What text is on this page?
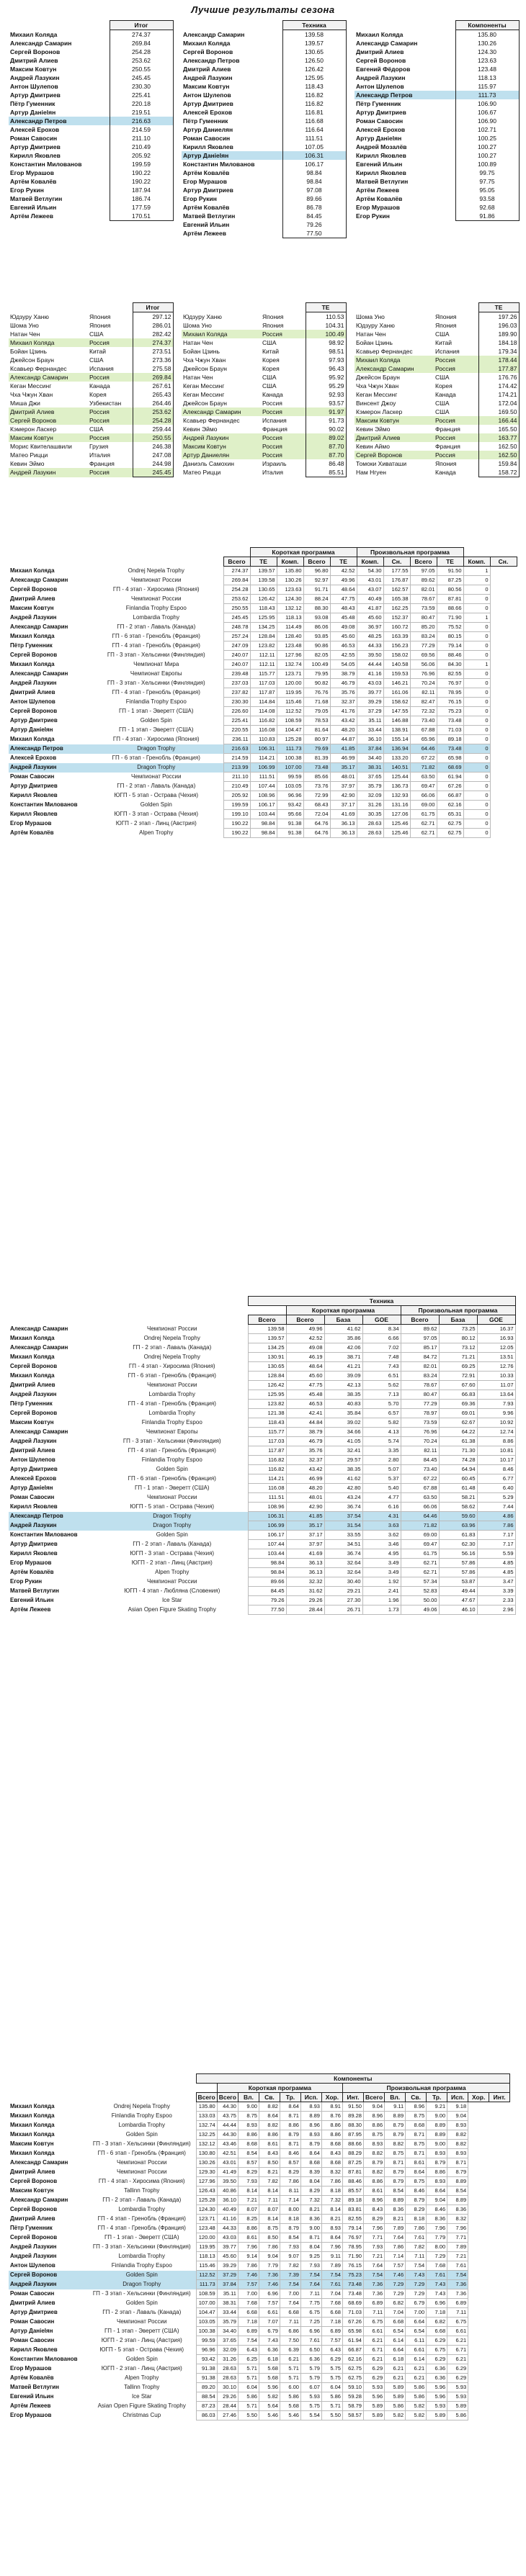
Лучшие результаты сезона
	Итог
Михаил Коляда	274.37
Александр Самарин	269.84
Сергей Воронов	254.28
Дмитрий Алиев	253.62
Максим Ковтун	250.55
Андрей Лазукин	245.45
Антон Шулепов	230.30
Артур Дмитриев	225.41
Пётр Гуменник	220.18
Артур Данielян	219.51
Александр Петров	216.63
Алексей Ерохов	214.59
Роман Савосин	211.10
Артур Дмитриев	210.49
Кирилл Яковлев	205.92
Константин Миловaнов	199.59
Егор Мурашов	190.22
Артём Ковалёв	190.22
Егор Рукин	187.94
Матвей Ветлугин	186.74
Евгений Ильин	177.59
Артём Лежеев	170.51
	Техника
Александр Самарин	139.58
Михаил Коляда	139.57
Сергей Воронов	130.65
Александр Петров	126.50
Дмитрий Алиев	126.42
Андрей Лазукин	125.95
Максим Ковтун	118.43
Антон Шулепов	116.82
Артур Дмитриев	116.82
Алексей Ерохов	116.81
Пётр Гуменник	116.68
Артур Даниелян	116.64
Роман Савосин	111.51
Кирилл Яковлев	107.05
Артур Данielян	106.31
Константин Миловaнов	106.17
Артём Ковалёв	98.84
Егор Мурашов	98.84
Артур Дмитриев	97.08
Егор Рукин	89.66
Артём Ковалёв	86.78
Матвей Ветлугин	84.45
Евгений Ильин	79.26
Артём Лежеев	77.50
	Компоненты
Михаил Коляда	135.80
Александр Самарин	130.26
Дмитрий Алиев	124.30
Сергей Воронов	123.63
Евгений Фёдоров	123.48
Андрей Лазукин	118.13
Антон Шулепов	115.97
Александр Петров	111.73
Пётр Гуменник	106.90
Артур Дмитриев	106.67
Роман Савосин	106.90
Алексей Ерохов	102.71
Артур Данielян	100.25
Андрей Мозалёв	100.27
Кирилл Яковлев	100.27
Евгений Ильин	100.89
Кирилл Яковлев	99.75
Матвей Ветлугин	97.75
Артём Лежеев	95.05
Артём Ковалёв	93.58
Егор Мурашов	92.68
Егор Рукин	91.86
		Итог
Юдзуру Ханю	Япония	297.12
Шома Уно	Япония	286.01
Натан Чен	США	282.42
Михаил Коляда	Россия	274.37
Бойан Цзинь	Китай	273.51
Джейсон Браун	США	273.36
Ксавьер Фернандес	Испания	275.58
Александр Самарин	Россия	269.84
Кеган Мессинг	Канада	267.61
Чха Чжун Хван	Корея	265.43
Миша Джи	Узбекистан	264.46
Дмитрий Алиев	Россия	253.62
Сергей Воронов	Россия	254.28
Кэмерон Ласкер	США	259.44
Максим Ковтун	Россия	250.55
Морис Квителашвили	Грузия	246.38
Матео Рицци	Италия	247.08
Кевин Эймо	Франция	244.98
Андрей Лазукин	Россия	245.45
		ТЕ
Юдзуру Ханю	Япония	110.53
Шома Уно	Япония	104.31
Михаил Коляда	Россия	100.49
Натан Чен	США	98.92
Бойан Цзинь	Китай	98.51
Чха Чжун Хван	Корея	97.93
Джейсон Браун	Корея	96.43
Натан Чен	США	95.92
Кеган Мессинг	США	95.29
Кеган Мессинг	Канада	92.93
Джейсон Браун	Россия	93.57
Александр Самарин	Россия	91.97
Ксавьер Фернандес	Испания	91.73
Кевин Эймо	Франция	90.02
Андрей Лазукин	Россия	89.02
Максим Ковтун	Россия	87.70
Артур Даниелян	Россия	87.70
Даниэль Самохин	Израиль	86.48
Матео Рицци	Италия	85.51
		ТЕ
Шома Уно	Япония	197.26
Юдзуру Ханю	Япония	196.03
Натан Чен	США	189.90
Бойан Цзинь	Китай	184.18
Ксавьер Фернандес	Испания	179.34
Михаил Коляда	Россия	178.44
Александр Самарин	Россия	177.87
Джейсон Браун	США	176.76
Чха Чжун Хван	Корея	174.42
Кеган Мессинг	Канада	174.21
Винсент Джоу	США	172.04
Кэмерон Ласкер	США	169.50
Максим Ковтун	Россия	166.44
Кевин Эймо	Франция	165.50
Дмитрий Алиев	Россия	163.77
Кевин Аймо	Франция	162.50
Сергей Воронов	Россия	162.50
Томоки Хиваташи	Япония	159.84
Нам Нгуен	Канада	158.72
			Короткая программа				Произвольная программа					
		Всего	ТЕ	Комп.	Всего	ТЕ	Комп.	Сн.	Всего	ТЕ	Комп.	Сн.
Михаил Коляда	Ondrej Nepela Trophy	274.37	139.57	135.80	96.80	42.52	54.30	177.55	97.05	91.50	1	
Александр Самарин	Чемпионат России	269.84	139.58	130.26	92.97	49.96	43.01	176.87	89.62	87.25	0	
Сергей Воронов	ГП - 4 этап - Хиросима (Япония)	254.28	130.65	123.63	91.71	48.64	43.07	162.57	82.01	80.56	0	
Дмитрий Алиев	Чемпионат России	253.62	126.42	124.30	88.24	47.75	40.49	165.38	78.67	87.81	0	
Максим Ковтун	Finlandia Trophy Espoo	250.55	118.43	132.12	88.30	48.43	41.87	162.25	73.59	88.66	0	
Андрей Лазукин	Lombardia Trophy	245.45	125.95	118.13	93.08	45.48	45.60	152.37	80.47	71.90	1	
Александр Самарин	ГП - 2 этап - Лаваль (Канада)	248.78	134.25	114.49	86.06	49.08	36.97	160.72	85.20	75.52	0	
Михаил Коляда	ГП - 6 этап - Гренобль (Франция)	257.24	128.84	128.40	93.85	45.60	48.25	163.39	83.24	80.15	0	
Пётр Гуменник	ГП - 4 этап - Гренобль (Франция)	247.09	123.82	123.48	90.86	46.53	44.33	156.23	77.29	79.14	0	
Сергей Воронов	ГП - 3 этап - Хельсинки (Финляндия)	240.07	112.11	127.96	82.05	42.55	39.50	158.02	69.56	88.46	0	
Михаил Коляда	Чемпионат Мира	240.07	112.11	132.74	100.49	54.05	44.44	140.58	56.06	84.30	1	
Александр Самарин	Чемпионат Европы	239.48	115.77	123.71	79.95	38.79	41.16	159.53	76.96	82.55	0	
Андрей Лазукин	ГП - 3 этап - Хельсинки (Финляндия)	237.03	117.03	120.00	90.82	46.79	43.03	146.21	70.24	76.97	0	
Дмитрий Алиев	ГП - 4 этап - Гренобль (Франция)	237.82	117.87	119.95	76.76	35.76	39.77	161.06	82.11	78.95	0	
Антон Шулепов	Finlandia Trophy Espoo	230.30	114.84	115.46	71.68	32.37	39.29	158.62	82.47	76.15	0	
Сергей Воронов	ГП - 1 этап - Эверетт (США)	226.60	114.08	112.52	79.05	41.76	37.29	147.55	72.32	75.23	0	
Артур Дмитриев	Golden Spin	225.41	116.82	108.59	78.53	43.42	35.11	146.88	73.40	73.48	0	
Артур Данielян	ГП - 1 этап - Эверетт (США)	220.55	116.08	104.47	81.64	48.20	33.44	138.91	67.88	71.03	0	
Михаил Коляда	ГП - 4 этап - Хиросима (Япония)	236.11	110.83	125.28	80.97	44.87	36.10	155.14	65.96	89.18	0	
Александр Петров	Dragon Trophy	216.63	106.31	111.73	79.69	41.85	37.84	136.94	64.46	73.48	0	
Алексей Ерохов	ГП - 6 этап - Гренобль (Франция)	214.59	114.21	100.38	81.39	46.99	34.40	133.20	67.22	65.98	0	
Андрей Лазукин	Dragon Trophy	213.99	106.99	107.00	73.48	35.17	38.31	140.51	71.82	68.69	0	
Роман Савосин	Чемпионат России	211.10	111.51	99.59	85.66	48.01	37.65	125.44	63.50	61.94	0	
Артур Дмитриев	ГП - 2 этап - Лаваль (Канада)	210.49	107.44	103.05	73.76	37.97	35.79	136.73	69.47	67.26	0	
Кирилл Яковлев	ЮГП - 5 этап - Острава (Чехия)	205.92	108.96	96.96	72.99	42.90	32.09	132.93	66.06	66.87	0	
Константин Миловaнов	Golden Spin	199.59	106.17	93.42	68.43	37.17	31.26	131.16	69.00	62.16	0	
Кирилл Яковлев	ЮГП - 3 этап - Острава (Чехия)	199.10	103.44	95.66	72.04	41.69	30.35	127.06	61.75	65.31	0	
Егор Мурашов	ЮГП - 2 этап - Линц (Австрия)	190.22	98.84	91.38	64.76	36.13	28.63	125.46	62.71	62.75	0	
Артём Ковалёв	Alpen Trophy	190.22	98.84	91.38	64.76	36.13	28.63	125.46	62.71	62.75	0	
		Техника						
			Короткая программа			Произвольная программа		
		Всего	Всего	База	GOE	Всего	База	GOE
Александр Самарин	Чемпионат России	139.58	49.96	41.62	8.34	89.62	73.25	16.37
Михаил Коляда	Ondrej Nepela Trophy	139.57	42.52	35.86	6.66	97.05	80.12	16.93
Александр Самарин	ГП - 2 этап - Лаваль (Канада)	134.25	49.08	42.06	7.02	85.17	73.12	12.05
Михаил Коляда	Ondrej Nepela Trophy	130.91	46.19	38.71	7.48	84.72	71.21	13.51
Сергей Воронов	ГП - 4 этап - Хиросима (Япония)	130.65	48.64	41.21	7.43	82.01	69.25	12.76
Михаил Коляда	ГП - 6 этап - Гренобль (Франция)	128.84	45.60	39.09	6.51	83.24	72.91	10.33
Дмитрий Алиев	Чемпионат России	126.42	47.75	42.13	5.62	78.67	67.60	11.07
Андрей Лазукин	Lombardia Trophy	125.95	45.48	38.35	7.13	80.47	66.83	13.64
Пётр Гуменник	ГП - 4 этап - Гренобль (Франция)	123.82	46.53	40.83	5.70	77.29	69.36	7.93
Сергей Воронов	Lombardia Trophy	121.38	42.41	35.84	6.57	78.97	69.01	9.96
Максим Ковтун	Finlandia Trophy Espoo	118.43	44.84	39.02	5.82	73.59	62.67	10.92
Александр Самарин	Чемпионат Европы	115.77	38.79	34.66	4.13	76.96	64.22	12.74
Андрей Лазукин	ГП - 3 этап - Хельсинки (Финляндия)	117.03	46.79	41.05	5.74	70.24	61.38	8.86
Дмитрий Алиев	ГП - 4 этап - Гренобль (Франция)	117.87	35.76	32.41	3.35	82.11	71.30	10.81
Антон Шулепов	Finlandia Trophy Espoo	116.82	32.37	29.57	2.80	84.45	74.28	10.17
Артур Дмитриев	Golden Spin	116.82	43.42	38.35	5.07	73.40	64.94	8.46
Алексей Ерохов	ГП - 6 этап - Гренобль (Франция)	114.21	46.99	41.62	5.37	67.22	60.45	6.77
Артур Данielян	ГП - 1 этап - Эверетт (США)	116.08	48.20	42.80	5.40	67.88	61.48	6.40
Роман Савосин	Чемпионат России	111.51	48.01	43.24	4.77	63.50	58.21	5.29
Кирилл Яковлев	ЮГП - 5 этап - Острава (Чехия)	108.96	42.90	36.74	6.16	66.06	58.62	7.44
Александр Петров	Dragon Trophy	106.31	41.85	37.54	4.31	64.46	59.60	4.86
Андрей Лазукин	Dragon Trophy	106.99	35.17	31.54	3.63	71.82	63.96	7.86
Константин Миловaнов	Golden Spin	106.17	37.17	33.55	3.62	69.00	61.83	7.17
Артур Дмитриев	ГП - 2 этап - Лаваль (Канада)	107.44	37.97	34.51	3.46	69.47	62.30	7.17
Кирилл Яковлев	ЮГП - 3 этап - Острава (Чехия)	103.44	41.69	36.74	4.95	61.75	56.16	5.59
Егор Мурашов	ЮГП - 2 этап - Линц (Австрия)	98.84	36.13	32.64	3.49	62.71	57.86	4.85
Артём Ковалёв	Alpen Trophy	98.84	36.13	32.64	3.49	62.71	57.86	4.85
Егор Рукин	Чемпионат России	89.66	32.32	30.40	1.92	57.34	53.87	3.47
Матвей Ветлугин	ЮГП - 4 этап - Любляна (Словения)	84.45	31.62	29.21	2.41	52.83	49.44	3.39
Евгений Ильин	Ice Star	79.26	29.26	27.30	1.96	50.00	47.67	2.33
Артём Лежеев	Asian Open Figure Skating Trophy	77.50	28.44	26.71	1.73	49.06	46.10	2.96
		Компоненты														
			Короткая программа						Произвольная программа							
		Всего	Всего	Вл.	Св.	Тр.	Исп.	Хор.	Инт.	Всего	Вл.	Св.	Тр.	Исп.	Хор.	Инт.
Михаил Коляда	Ondrej Nepela Trophy	135.80	44.30	9.00	8.82	8.64	8.93	8.91	91.50	9.04	9.11	8.96	9.21	9.18		
Михаил Коляда	Finlandia Trophy Espoo	133.03	43.75	8.75	8.64	8.71	8.89	8.76	89.28	8.96	8.89	8.75	9.00	9.04		
Михаил Коляда	Lombardia Trophy	132.74	44.44	8.93	8.82	8.86	8.96	8.86	88.30	8.86	8.79	8.68	8.89	8.93		
Михаил Коляда	Golden Spin	132.25	44.30	8.86	8.86	8.79	8.93	8.86	87.95	8.75	8.79	8.71	8.89	8.82		
Максим Ковтун	ГП - 3 этап - Хельсинки (Финляндия)	132.12	43.46	8.68	8.61	8.71	8.79	8.68	88.66	8.93	8.82	8.75	9.00	8.82		
Михаил Коляда	ГП - 6 этап - Гренобль (Франция)	130.80	42.51	8.54	8.43	8.46	8.64	8.43	88.29	8.82	8.75	8.71	8.93	8.93		
Александр Самарин	Чемпионат России	130.26	43.01	8.57	8.50	8.57	8.68	8.68	87.25	8.79	8.71	8.61	8.79	8.71		
Дмитрий Алиев	Чемпионат России	129.30	41.49	8.29	8.21	8.29	8.39	8.32	87.81	8.82	8.79	8.64	8.86	8.79		
Сергей Воронов	ГП - 4 этап - Хиросима (Япония)	127.96	39.50	7.93	7.82	7.86	8.04	7.86	88.46	8.86	8.79	8.75	8.93	8.89		
Максим Ковтун	Tallinn Trophy	126.43	40.86	8.14	8.14	8.11	8.29	8.18	85.57	8.61	8.54	8.46	8.64	8.54		
Александр Самарин	ГП - 2 этап - Лаваль (Канада)	125.28	36.10	7.21	7.11	7.14	7.32	7.32	89.18	8.96	8.89	8.79	9.04	8.89		
Сергей Воронов	Lombardia Trophy	124.30	40.49	8.07	8.07	8.00	8.21	8.14	83.81	8.43	8.36	8.29	8.46	8.36		
Дмитрий Алиев	ГП - 4 этап - Гренобль (Франция)	123.71	41.16	8.25	8.14	8.18	8.36	8.21	82.55	8.29	8.21	8.18	8.36	8.32		
Пётр Гуменник	ГП - 4 этап - Гренобль (Франция)	123.48	44.33	8.86	8.75	8.79	9.00	8.93	79.14	7.96	7.89	7.86	7.96	7.96		
Сергей Воронов	ГП - 1 этап - Эверетт (США)	120.00	43.03	8.61	8.50	8.54	8.71	8.64	76.97	7.71	7.64	7.61	7.79	7.71		
Андрей Лазукин	ГП - 3 этап - Хельсинки (Финляндия)	119.95	39.77	7.96	7.86	7.93	8.04	7.96	78.95	7.93	7.86	7.82	8.00	7.89		
Андрей Лазукин	Lombardia Trophy	118.13	45.60	9.14	9.04	9.07	9.25	9.11	71.90	7.21	7.14	7.11	7.29	7.21		
Антон Шулепов	Finlandia Trophy Espoo	115.46	39.29	7.86	7.79	7.82	7.93	7.89	76.15	7.64	7.57	7.54	7.68	7.61		
Сергей Воронов	Golden Spin	112.52	37.29	7.46	7.36	7.39	7.54	7.54	75.23	7.54	7.46	7.43	7.61	7.54		
Андрей Лазукин	Dragon Trophy	111.73	37.84	7.57	7.46	7.54	7.64	7.61	73.48	7.36	7.29	7.29	7.43	7.36		
Роман Савосин	ГП - 3 этап - Хельсинки (Финляндия)	108.59	35.11	7.00	6.96	7.00	7.11	7.04	73.48	7.36	7.29	7.29	7.43	7.36		
Дмитрий Алиев	Golden Spin	107.00	38.31	7.68	7.57	7.64	7.75	7.68	68.69	6.89	6.82	6.79	6.96	6.89		
Артур Дмитриев	ГП - 2 этап - Лаваль (Канада)	104.47	33.44	6.68	6.61	6.68	6.75	6.68	71.03	7.11	7.04	7.00	7.18	7.11		
Роман Савосин	Чемпионат России	103.05	35.79	7.18	7.07	7.11	7.25	7.18	67.26	6.75	6.68	6.64	6.82	6.75		
Артур Данielян	ГП - 1 этап - Эверетт (США)	100.38	34.40	6.89	6.79	6.86	6.96	6.89	65.98	6.61	6.54	6.54	6.68	6.61		
Роман Савосин	ЮГП - 2 этап - Линц (Австрия)	99.59	37.65	7.54	7.43	7.50	7.61	7.57	61.94	6.21	6.14	6.11	6.29	6.21		
Кирилл Яковлев	ЮГП - 5 этап - Острава (Чехия)	96.96	32.09	6.43	6.36	6.39	6.50	6.43	66.87	6.71	6.64	6.61	6.75	6.71		
Константин Миловaнов	Golden Spin	93.42	31.26	6.25	6.18	6.21	6.36	6.29	62.16	6.21	6.18	6.14	6.29	6.21		
Егор Мурашов	ЮГП - 2 этап - Линц (Австрия)	91.38	28.63	5.71	5.68	5.71	5.79	5.75	62.75	6.29	6.21	6.21	6.36	6.29		
Артём Ковалёв	Alpen Trophy	91.38	28.63	5.71	5.68	5.71	5.79	5.75	62.75	6.29	6.21	6.21	6.36	6.29		
Матвей Ветлугин	Tallinn Trophy	89.20	30.10	6.04	5.96	6.00	6.07	6.04	59.10	5.93	5.89	5.86	5.96	5.93		
Евгений Ильин	Ice Star	88.54	29.26	5.86	5.82	5.86	5.93	5.86	59.28	5.96	5.89	5.86	5.96	5.93		
Артём Лежеев	Asian Open Figure Skating Trophy	87.23	28.44	5.71	5.64	5.68	5.75	5.71	58.79	5.89	5.86	5.82	5.93	5.89		
Егор Мурашов	Christmas Cup	86.03	27.46	5.50	5.46	5.46	5.54	5.50	58.57	5.89	5.82	5.82	5.89	5.86		
